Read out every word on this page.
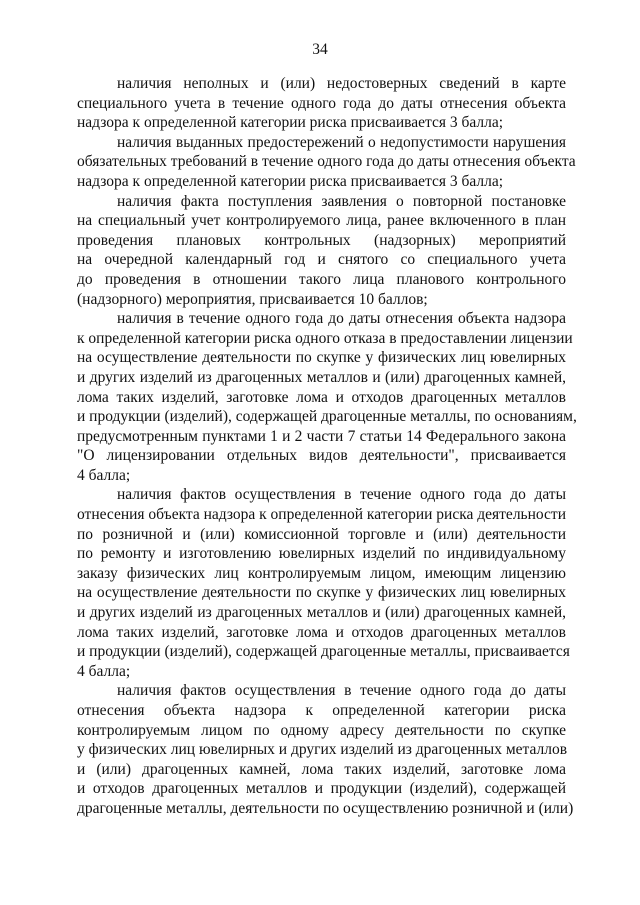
34
наличия неполных и (или) недостоверных сведений в карте
специального учета в течение одного года до даты отнесения объекта
надзора к определенной категории риска присваивается 3 балла;
наличия выданных предостережений о недопустимости нарушения
обязательных требований в течение одного года до даты отнесения объекта
надзора к определенной категории риска присваивается 3 балла;
наличия факта поступления заявления о повторной постановке
на специальный учет контролируемого лица, ранее включенного в план
проведения плановых контрольных (надзорных) мероприятий
на очередной календарный год и снятого со специального учета
до проведения в отношении такого лица планового контрольного
(надзорного) мероприятия, присваивается 10 баллов;
наличия в течение одного года до даты отнесения объекта надзора
к определенной категории риска одного отказа в предоставлении лицензии
на осуществление деятельности по скупке у физических лиц ювелирных
и других изделий из драгоценных металлов и (или) драгоценных камней,
лома таких изделий, заготовке лома и отходов драгоценных металлов
и продукции (изделий), содержащей драгоценные металлы, по основаниям,
предусмотренным пунктами 1 и 2 части 7 статьи 14 Федерального закона
"О лицензировании отдельных видов деятельности", присваивается
4 балла;
наличия фактов осуществления в течение одного года до даты
отнесения объекта надзора к определенной категории риска деятельности
по розничной и (или) комиссионной торговле и (или) деятельности
по ремонту и изготовлению ювелирных изделий по индивидуальному
заказу физических лиц контролируемым лицом, имеющим лицензию
на осуществление деятельности по скупке у физических лиц ювелирных
и других изделий из драгоценных металлов и (или) драгоценных камней,
лома таких изделий, заготовке лома и отходов драгоценных металлов
и продукции (изделий), содержащей драгоценные металлы, присваивается
4 балла;
наличия фактов осуществления в течение одного года до даты
отнесения объекта надзора к определенной категории риска
контролируемым лицом по одному адресу деятельности по скупке
у физических лиц ювелирных и других изделий из драгоценных металлов
и (или) драгоценных камней, лома таких изделий, заготовке лома
и отходов драгоценных металлов и продукции (изделий), содержащей
драгоценные металлы, деятельности по осуществлению розничной и (или)
